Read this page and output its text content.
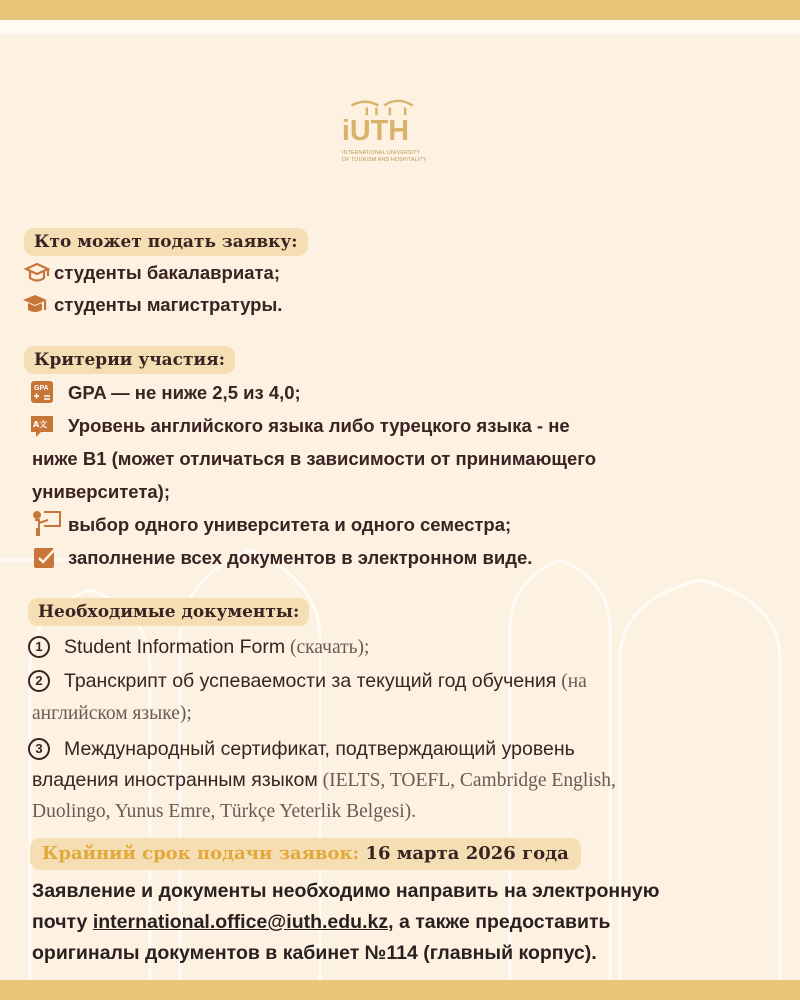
iUTH
INTERNATIONAL UNIVERSITY
OF TOURISM AND HOSPITALITY
Кто может подать заявку:
студенты бакалавриата;
студенты магистратуры.
Критерии участия:
GPA GPA — не ниже 2,5 из 4,0;
A文 Уровень английского языка либо турецкого языка - не
ниже B1 (может отличаться в зависимости от принимающего
университета);
выбор одного университета и одного семестра;
заполнение всех документов в электронном виде.
Необходимые документы:
1	Student Information Form (скачать);
2	Транскрипт об успеваемости за текущий год обучения (на
английском языке);
3	Международный сертификат, подтверждающий уровень
владения иностранным языком (IELTS, TOEFL, Cambridge English,
Duolingo, Yunus Emre, Türkçe Yeterlik Belgesi).
Крайний срок подачи заявок: 16 марта 2026 года
Заявление и документы необходимо направить на электронную
почту international.office@iuth.edu.kz, а также предоставить
оригиналы документов в кабинет №114 (главный корпус).
